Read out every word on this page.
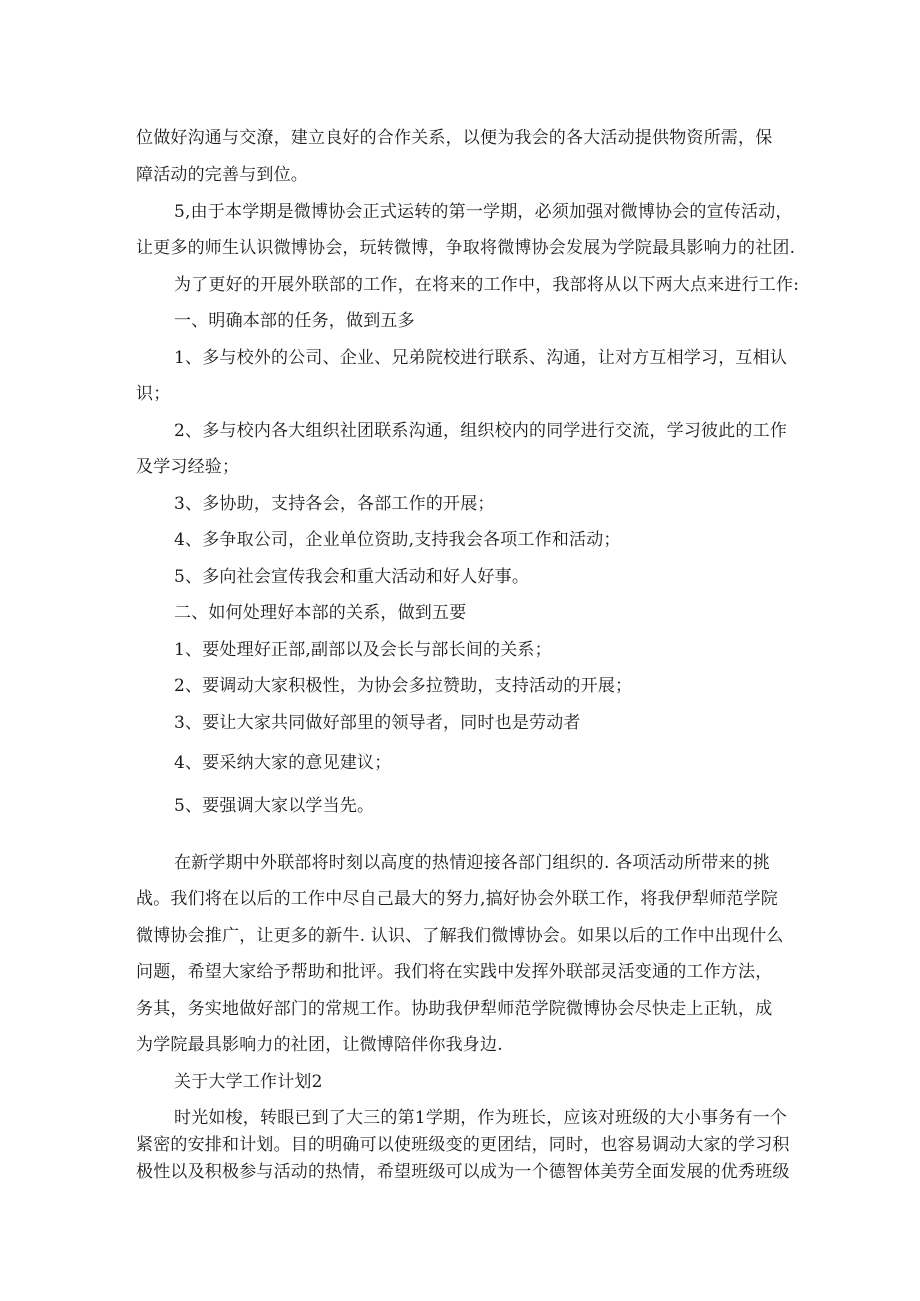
位做好沟通与交潦，建立良好的合作关系，以便为我会的各大活动提供物资所需，保

障活动的完善与到位。

5,由于本学期是微博协会正式运转的第一学期，必须加强对微博协会的宣传活动，

让更多的师生认识微博协会，玩转微博，争取将微博协会发展为学院最具影响力的社团.

为了更好的开展外联部的工作，在将来的工作中，我部将从以下两大点来进行工作:

一、明确本部的任务，做到五多

1、多与校外的公司、企业、兄弟院校进行联系、沟通，让对方互相学习，互相认

识；

2、多与校内各大组织社团联系沟通，组织校内的同学进行交流，学习彼此的工作

及学习经验；

3、多协助，支持各会，各部工作的开展；

4、多争取公司，企业单位资助,支持我会各项工作和活动；

5、多向社会宣传我会和重大活动和好人好事。

二、如何处理好本部的关系，做到五要

1、要处理好正部,副部以及会长与部长间的关系；

2、要调动大家积极性，为协会多拉赞助，支持活动的开展；

3、要让大家共同做好部里的领导者，同时也是劳动者

4、要采纳大家的意见建议；

5、要强调大家以学当先。

在新学期中外联部将时刻以高度的热情迎接各部门组织的. 各项活动所带来的挑

战。我们将在以后的工作中尽自己最大的努力,搞好协会外联工作，将我伊犁师范学院

微博协会推广，让更多的新牛. 认识、了解我们微博协会。如果以后的工作中出现什么

问题，希望大家给予帮助和批评。我们将在实践中发挥外联部灵活变通的工作方法，

务其，务实地做好部门的常规工作。协助我伊犁师范学院微博协会尽快走上正轨，成

为学院最具影响力的社团，让微博陪伴你我身边.

关于大学工作计划2

时光如梭，转眼已到了大三的第1学期，作为班长，应该对班级的大小事务有一个

紧密的安排和计划。目的明确可以使班级变的更团结，同时，也容易调动大家的学习积

极性以及积极参与活动的热情，希望班级可以成为一个德智体美劳全面发展的优秀班级
